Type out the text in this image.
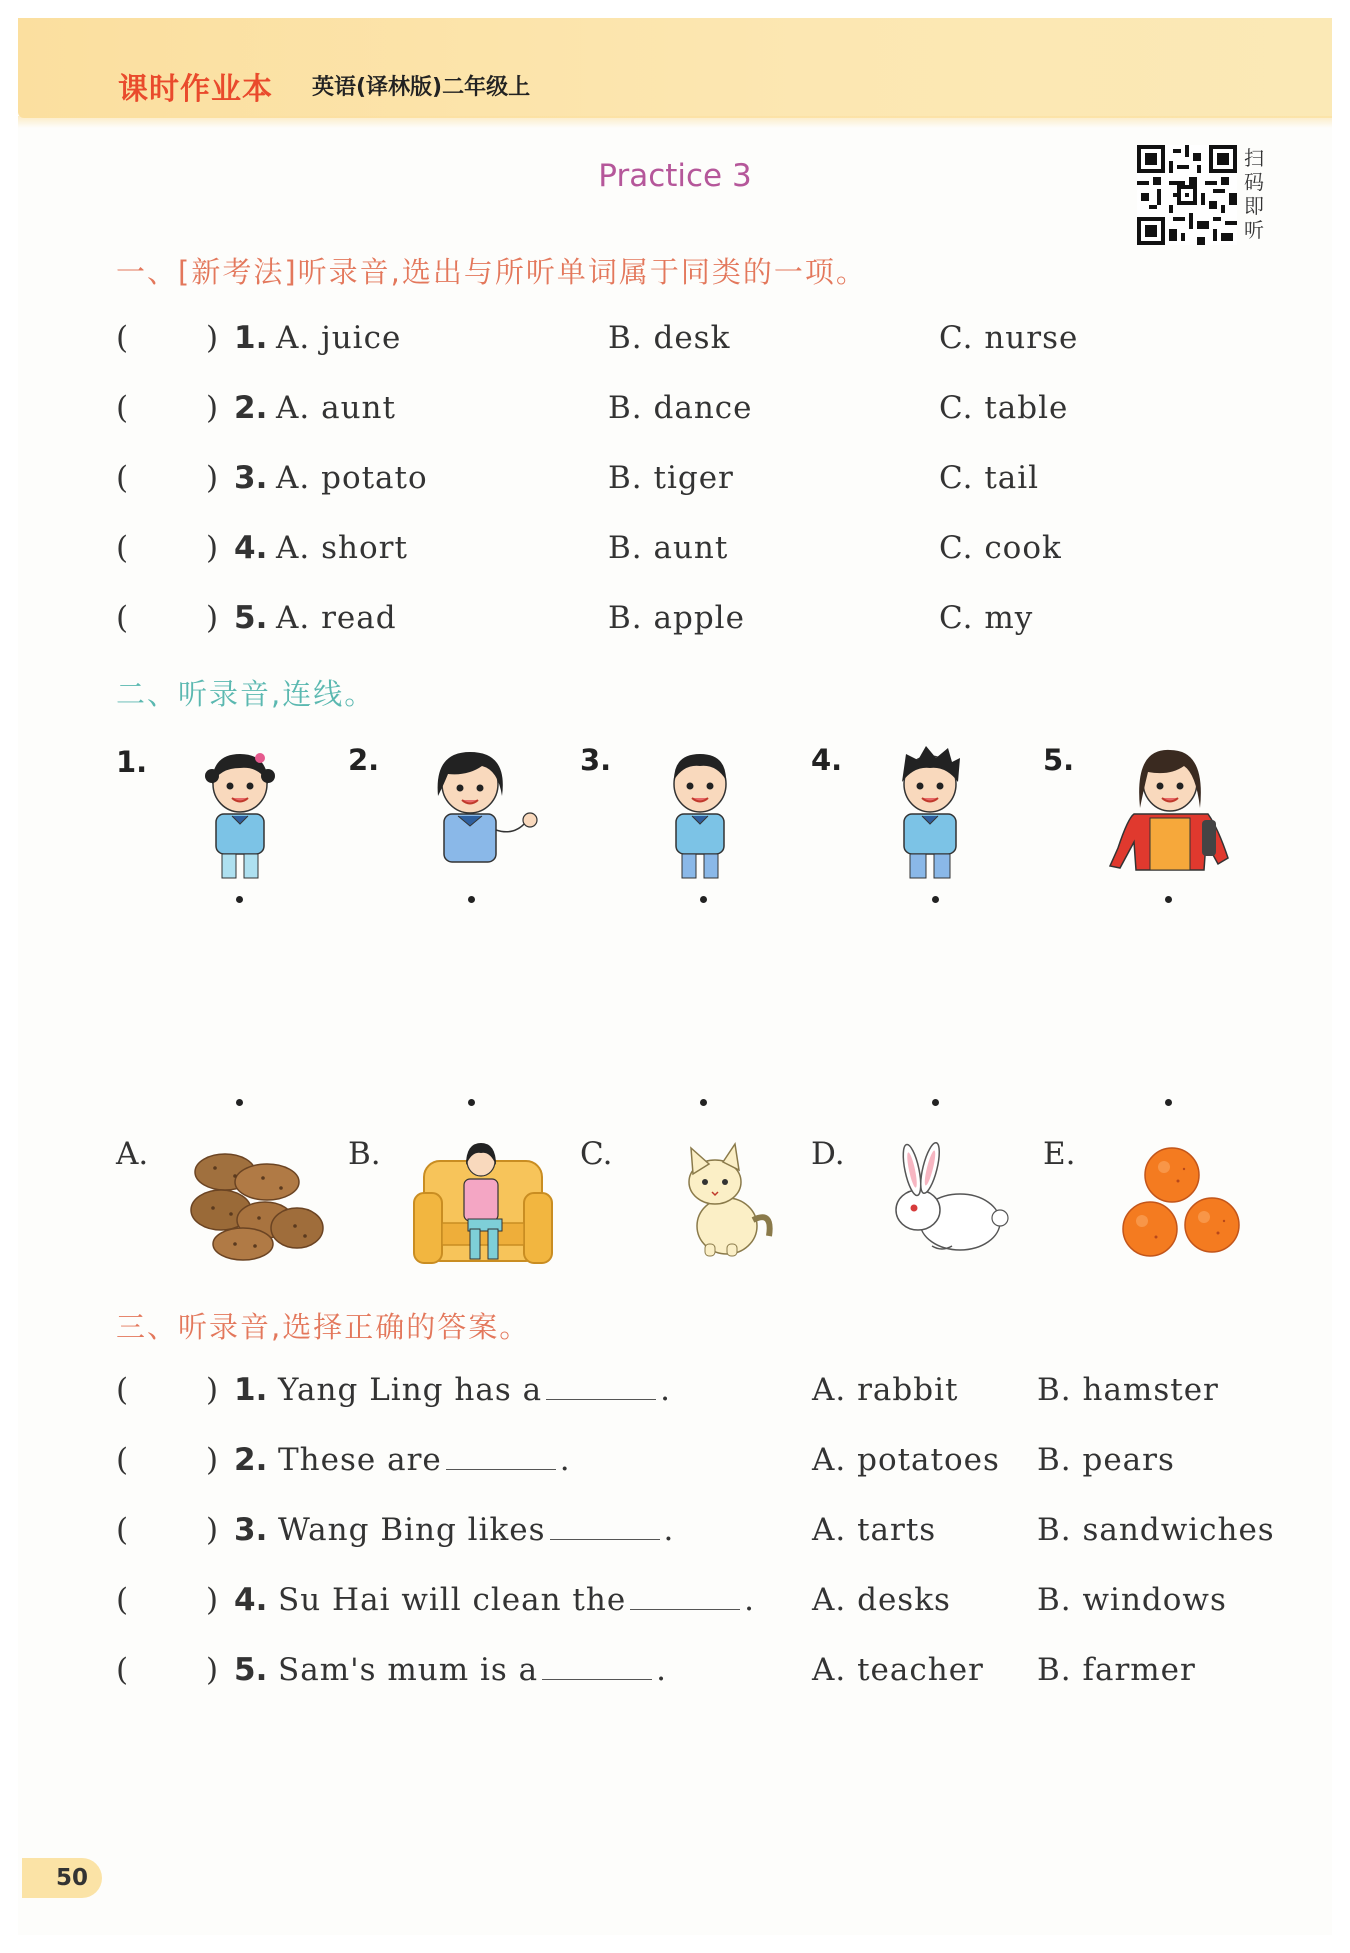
课时作业本 英语(译林版)二年级上
Practice 3	扫码即听
一、[新考法]听录音,选出与所听单词属于同类的一项。
(	) 1. A. juice	B. desk	C. nurse
(	) 2. A. aunt	B. dance	C. table
(	) 3. A. potato	B. tiger	C. tail
(	) 4. A. short	B. aunt	C. cook
(	) 5. A. read	B. apple	C. my
二、听录音,连线。
1.	2.	3.	4.	5.
A.	B.	C.	D.	E.
三、听录音,选择正确的答案。
(	) 1. Yang Ling has a	.	A. rabbit	B. hamster
(	) 2. These are	.	A. potatoes B. pears
(	) 3. Wang Bing likes	.	A. tarts	B. sandwiches
(	) 4. Su Hai will clean the	. A. desks	B. windows
(	) 5. Sam's mum is a	.	A. teacher B. farmer
50
